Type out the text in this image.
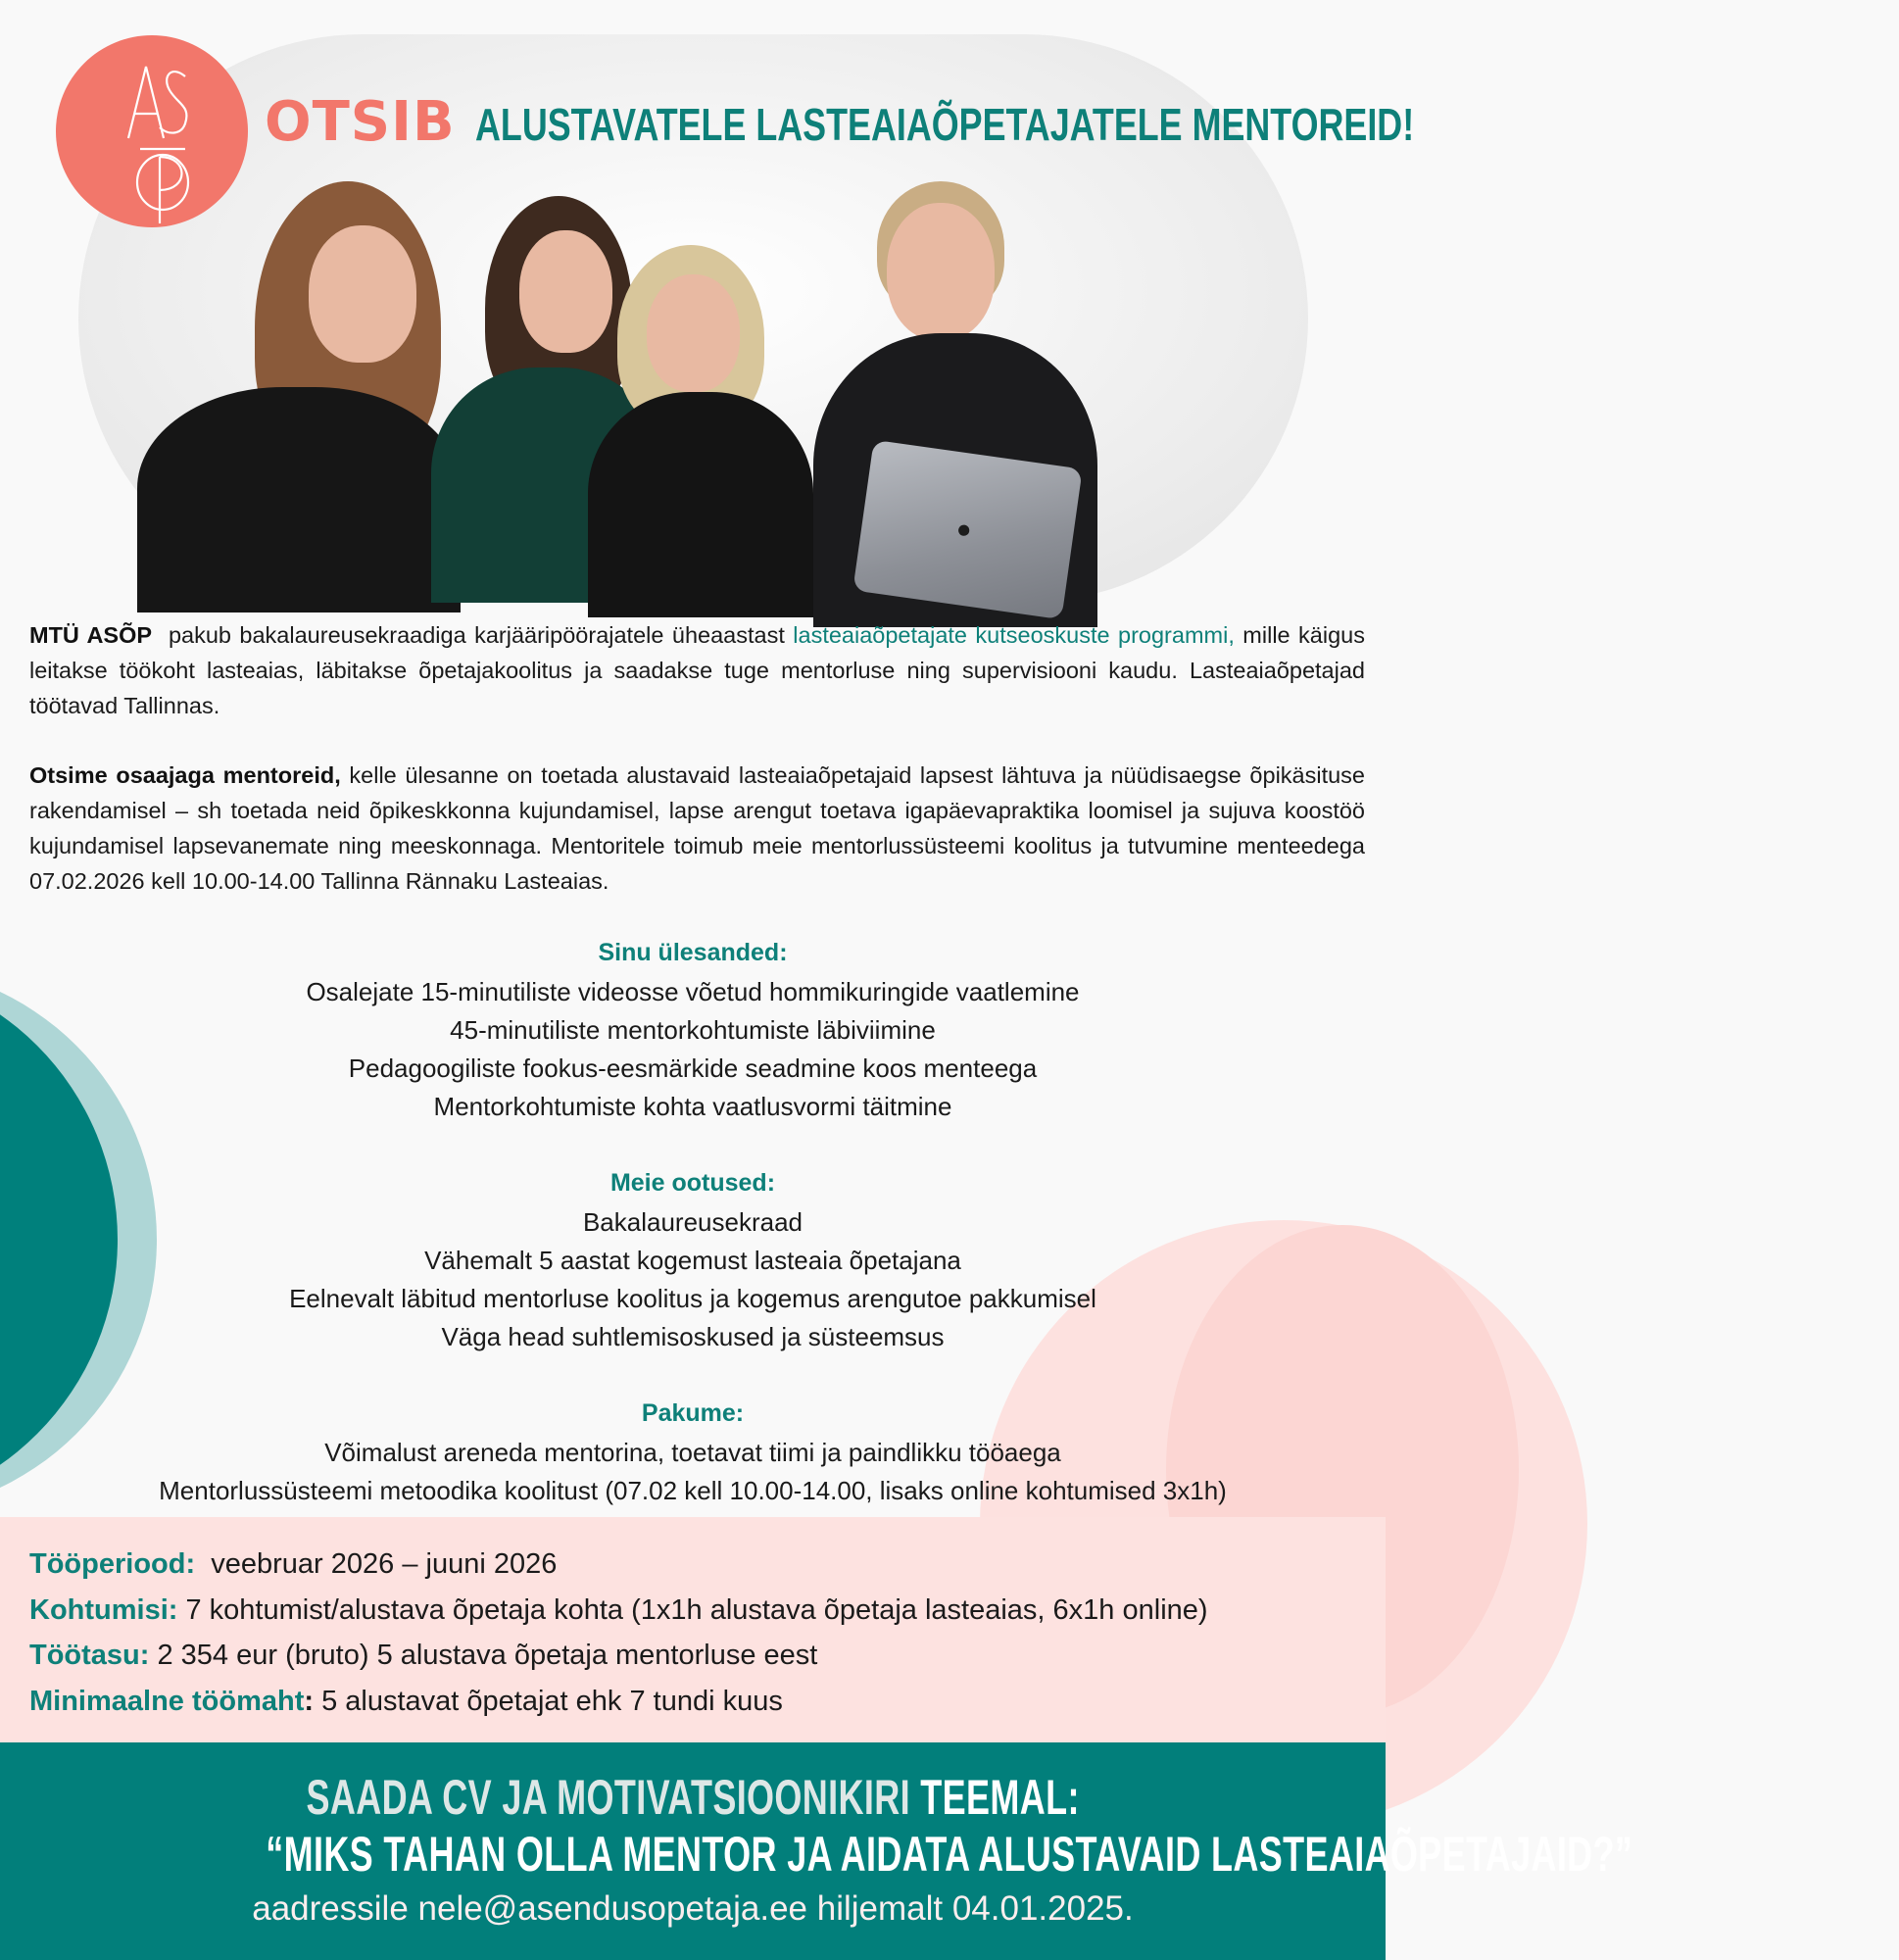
●
OTSIB ALUSTAVATELE LASTEAIAÕPETAJATELE MENTOREID!
MTÜ ASÕP pakub bakalaureusekraadiga karjääripöörajatele üheaastast lasteaiaõpetajate kutseoskuste programmi, mille käigus leitakse töökoht lasteaias, läbitakse õpetajakoolitus ja saadakse tuge mentorluse ning supervisiooni kaudu. Lasteaiaõpetajad töötavad Tallinnas.
Otsime osaajaga mentoreid, kelle ülesanne on toetada alustavaid lasteaiaõpetajaid lapsest lähtuva ja nüüdisaegse õpikäsituse rakendamisel – sh toetada neid õpikeskkonna kujundamisel, lapse arengut toetava igapäevapraktika loomisel ja sujuva koostöö kujundamisel lapsevanemate ning meeskonnaga. Mentoritele toimub meie mentorlussüsteemi koolitus ja tutvumine menteedega 07.02.2026 kell 10.00-14.00 Tallinna Rännaku Lasteaias.
Sinu ülesanded:
Osalejate 15-minutiliste videosse võetud hommikuringide vaatlemine
45-minutiliste mentorkohtumiste läbiviimine
Pedagoogiliste fookus-eesmärkide seadmine koos menteega
Mentorkohtumiste kohta vaatlusvormi täitmine
Meie ootused:
Bakalaureusekraad
Vähemalt 5 aastat kogemust lasteaia õpetajana
Eelnevalt läbitud mentorluse koolitus ja kogemus arengutoe pakkumisel
Väga head suhtlemisoskused ja süsteemsus
Pakume:
Võimalust areneda mentorina, toetavat tiimi ja paindlikku tööaega
Mentorlussüsteemi metoodika koolitust (07.02 kell 10.00-14.00, lisaks online kohtumised 3x1h)
Tööperiood:  veebruar 2026 – juuni 2026
Kohtumisi: 7 kohtumist/alustava õpetaja kohta (1x1h alustava õpetaja lasteaias, 6x1h online)
Töötasu: 2 354 eur (bruto) 5 alustava õpetaja mentorluse eest
Minimaalne töömaht: 5 alustavat õpetajat ehk 7 tundi kuus
SAADA CV JA MOTIVATSIOONIKIRI TEEMAL:
“MIKS TAHAN OLLA MENTOR JA AIDATA ALUSTAVAID LASTEAIAÕPETAJAID?”
aadressile nele@asendusopetaja.ee hiljemalt 04.01.2025.
